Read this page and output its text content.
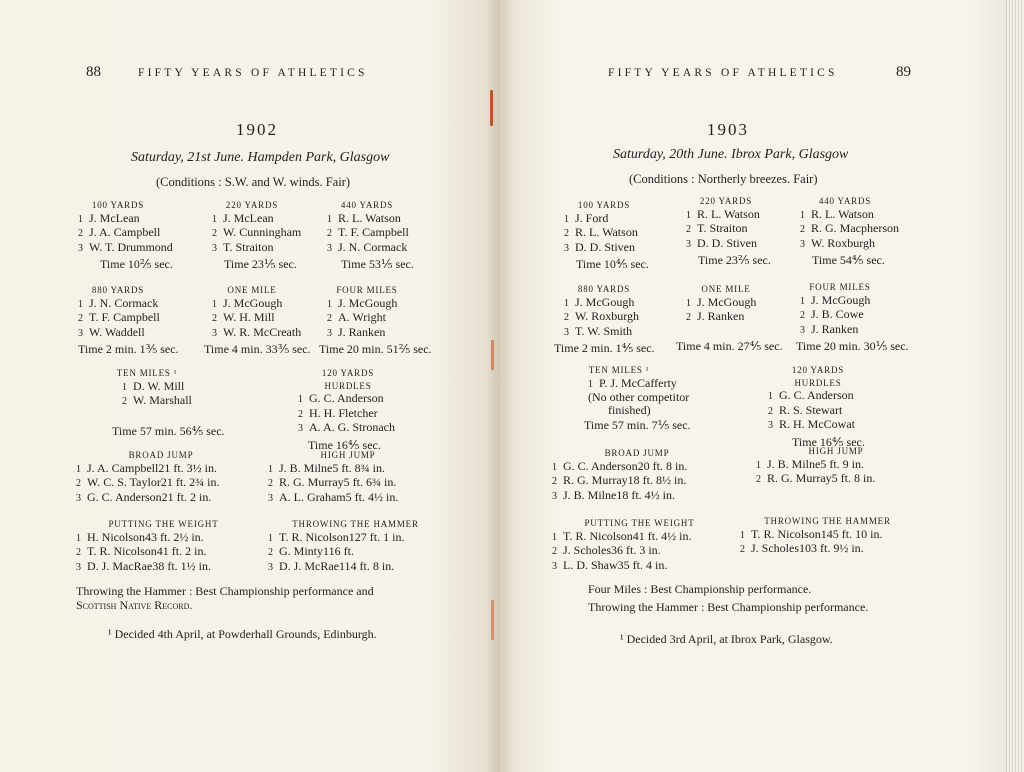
88	FIFTY YEARS OF ATHLETICS
1902
Saturday, 21st June. Hampden Park, Glasgow
(Conditions : S.W. and W. winds. Fair)
100 YARDS
1 J. McLean
2 J. A. Campbell
3 W. T. Drummond
Time 10⅖ sec.
220 YARDS
1 J. McLean
2 W. Cunningham
3 T. Straiton
Time 23⅕ sec.
440 YARDS
1 R. L. Watson
2 T. F. Campbell
3 J. N. Cormack
Time 53⅕ sec.
880 YARDS
1 J. N. Cormack
2 T. F. Campbell
3 W. Waddell
Time 2 min. 1⅗ sec.
ONE MILE
1 J. McGough
2 W. H. Mill
3 W. R. McCreath
Time 4 min. 33⅗ sec.
FOUR MILES
1 J. McGough
2 A. Wright
3 J. Ranken
Time 20 min. 51⅖ sec.
TEN MILES ¹
1 D. W. Mill
2 W. Marshall
Time 57 min. 56⅘ sec.
120 YARDS HURDLES
1 G. C. Anderson
2 H. H. Fletcher
3 A. A. G. Stronach
Time 16⅘ sec.
BROAD JUMP
1 J. A. Campbell21 ft. 3½ in.
2 W. C. S. Taylor21 ft. 2¾ in.
3 G. C. Anderson21 ft. 2 in.
HIGH JUMP
1 J. B. Milne5 ft. 8¾ in.
2 R. G. Murray5 ft. 6¾ in.
3 A. L. Graham5 ft. 4½ in.
PUTTING THE WEIGHT
1 H. Nicolson43 ft. 2½ in.
2 T. R. Nicolson41 ft. 2 in.
3 D. J. MacRae38 ft. 1½ in.
THROWING THE HAMMER
1 T. R. Nicolson127 ft. 1 in.
2 G. Minty116 ft.
3 D. J. McRae114 ft. 8 in.
Throwing the Hammer : Best Championship performance and
Scottish Native Record.
¹ Decided 4th April, at Powderhall Grounds, Edinburgh.
FIFTY YEARS OF ATHLETICS	89
1903
Saturday, 20th June. Ibrox Park, Glasgow
(Conditions : Northerly breezes. Fair)
100 YARDS
1 J. Ford
2 R. L. Watson
3 D. D. Stiven
Time 10⅘ sec.
220 YARDS
1 R. L. Watson
2 T. Straiton
3 D. D. Stiven
Time 23⅖ sec.
440 YARDS
1 R. L. Watson
2 R. G. Macpherson
3 W. Roxburgh
Time 54⅘ sec.
880 YARDS
1 J. McGough
2 W. Roxburgh
3 T. W. Smith
Time 2 min. 1⅘ sec.
ONE MILE
1 J. McGough
2 J. Ranken

Time 4 min. 27⅘ sec.
FOUR MILES
1 J. McGough
2 J. B. Cowe
3 J. Ranken
Time 20 min. 30⅕ sec.
TEN MILES ¹
1 P. J. McCafferty
(No other competitor
finished)
Time 57 min. 7⅕ sec.
120 YARDS HURDLES
1 G. C. Anderson
2 R. S. Stewart
3 R. H. McCowat
Time 16⅘ sec.
BROAD JUMP
1 G. C. Anderson20 ft. 8 in.
2 R. G. Murray18 ft. 8½ in.
3 J. B. Milne18 ft. 4½ in.
HIGH JUMP
1 J. B. Milne5 ft. 9 in.
2 R. G. Murray5 ft. 8 in.
PUTTING THE WEIGHT
1 T. R. Nicolson41 ft. 4½ in.
2 J. Scholes36 ft. 3 in.
3 L. D. Shaw35 ft. 4 in.
THROWING THE HAMMER
1 T. R. Nicolson145 ft. 10 in.
2 J. Scholes103 ft. 9½ in.
Four Miles : Best Championship performance.
Throwing the Hammer : Best Championship performance.
¹ Decided 3rd April, at Ibrox Park, Glasgow.
